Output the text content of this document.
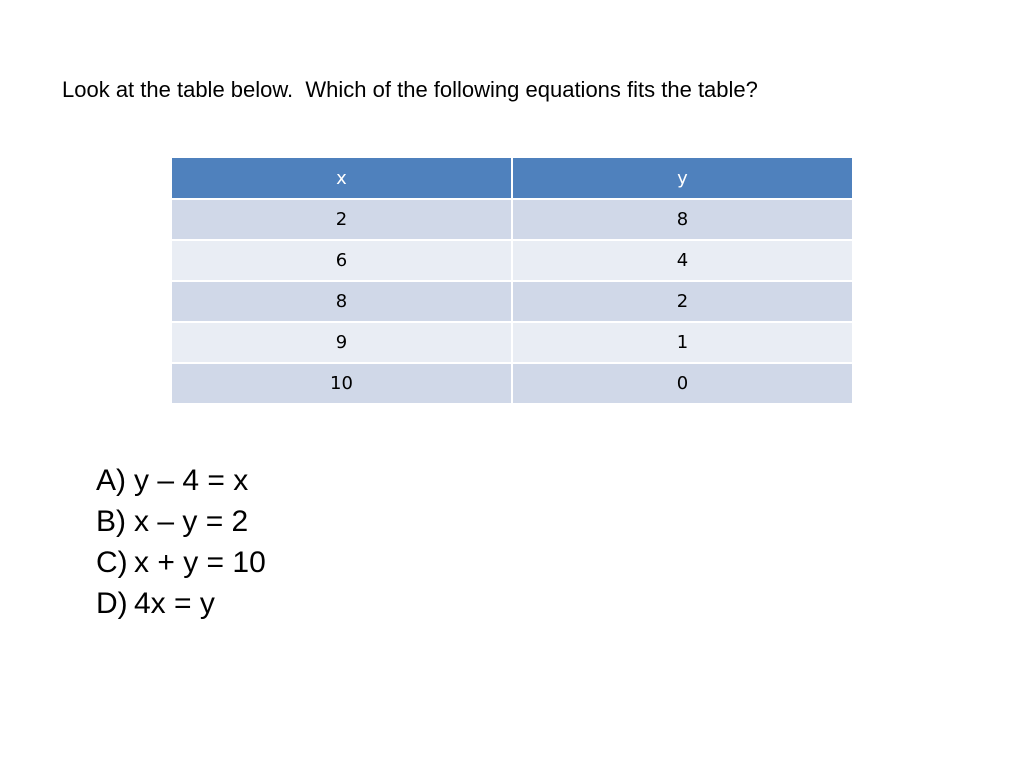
Look at the table below.  Which of the following equations fits the table?
x	y
2	8
6	4
8	2
9	1
10	0
A) y – 4 = x
B) x – y = 2
C) x + y = 10
D) 4x = y
